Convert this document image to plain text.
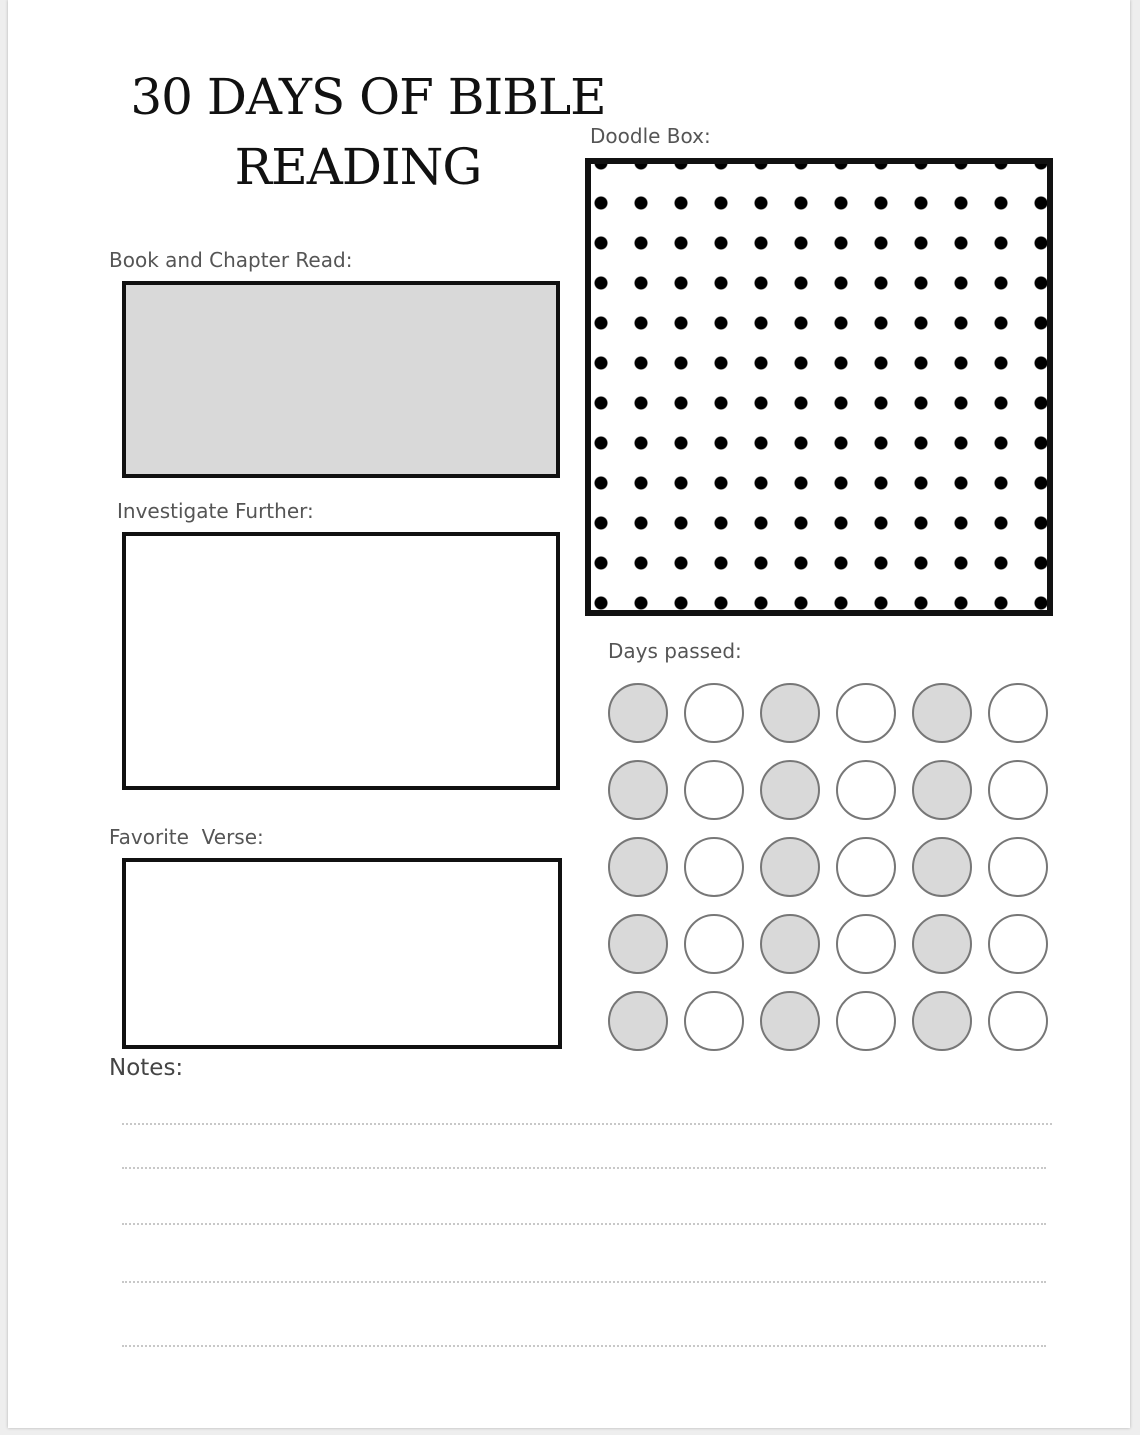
30 DAYS OF BIBLE
READING
Book and Chapter Read:
Investigate Further:
Favorite  Verse:
Doodle Box:
Days passed:
Notes:
